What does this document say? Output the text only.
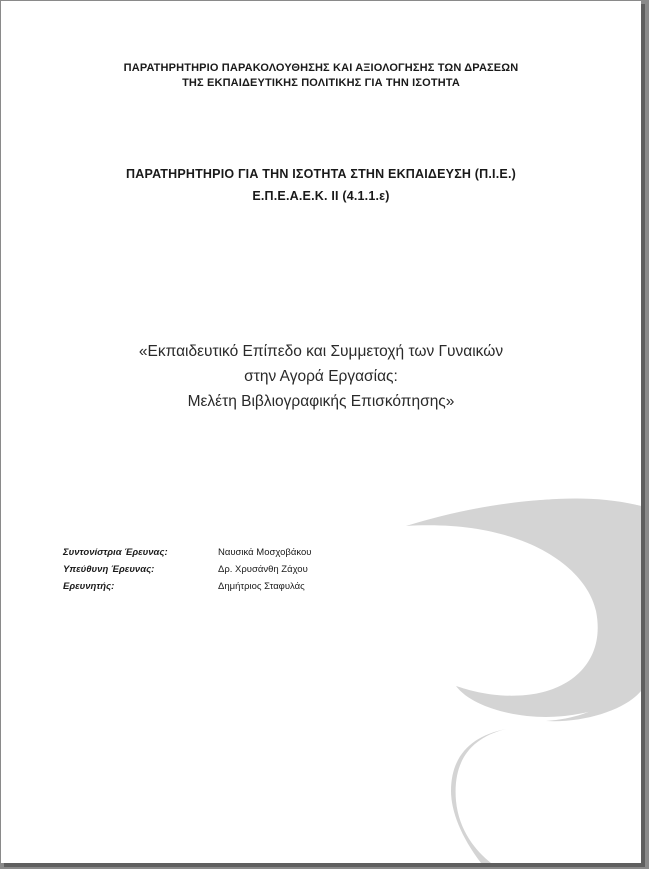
ΠΑΡΑΤΗΡΗΤΗΡΙΟ ΠΑΡΑΚΟΛΟΥΘΗΣΗΣ ΚΑΙ ΑΞΙΟΛΟΓΗΣΗΣ ΤΩΝ ΔΡΑΣΕΩΝ
ΤΗΣ ΕΚΠΑΙΔΕΥΤΙΚΗΣ ΠΟΛΙΤΙΚΗΣ ΓΙΑ ΤΗΝ ΙΣΟΤΗΤΑ
ΠΑΡΑΤΗΡΗΤΗΡΙΟ ΓΙΑ ΤΗΝ ΙΣΟΤΗΤΑ ΣΤΗΝ ΕΚΠΑΙΔΕΥΣΗ (Π.Ι.Ε.)
Ε.Π.Ε.Α.Ε.Κ. ΙΙ (4.1.1.ε)
«Εκπαιδευτικό Επίπεδο και Συμμετοχή των Γυναικών
στην Αγορά Εργασίας:
Μελέτη Βιβλιογραφικής Επισκόπησης»
Συντονίστρια Έρευνας:	Ναυσικά Μοσχοβάκου
Υπεύθυνη Έρευνας:	Δρ. Χρυσάνθη Ζάχου
Ερευνητής:	Δημήτριος Σταφυλάς
